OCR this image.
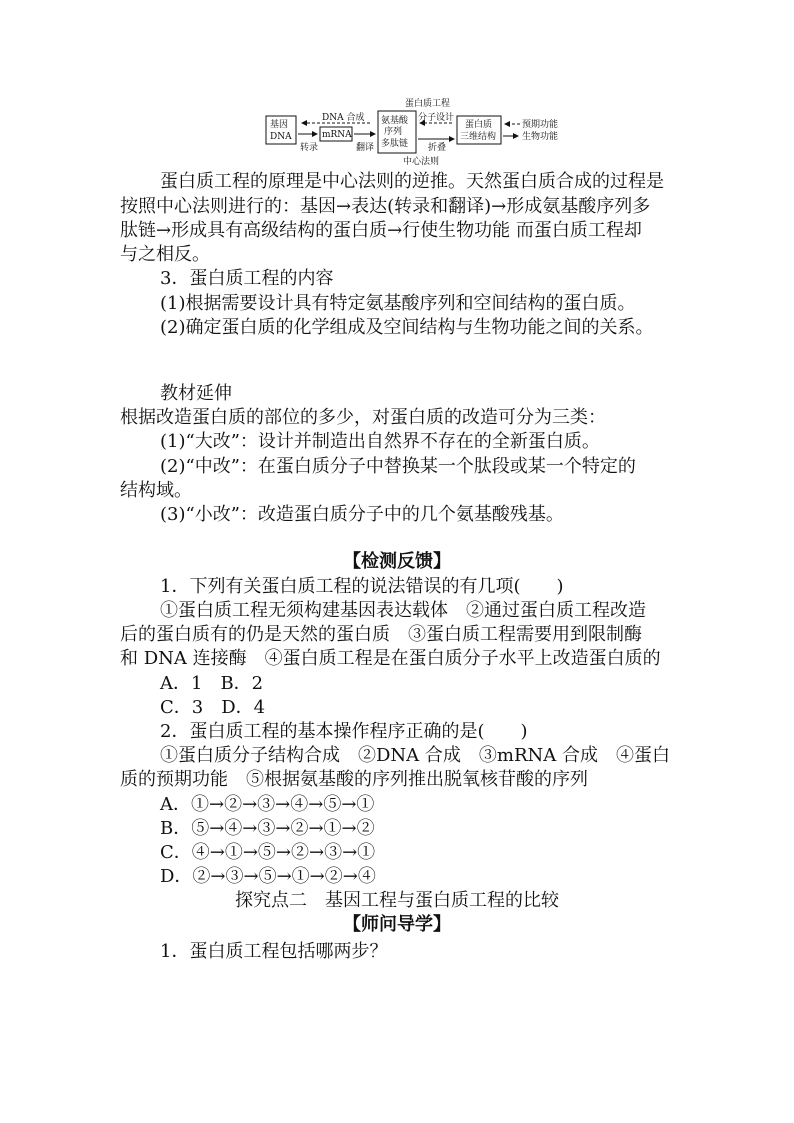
蛋白质工程
基因
DNA	mRNA
氨基酸
序列
多肽链
蛋白质
三维结构
DNA 合成	分子设计
转录	翻译	折叠
预期功能
生物功能
中心法则
蛋白质工程的原理是中心法则的逆推。天然蛋白质合成的过程是
按照中心法则进行的：基因→表达(转录和翻译)→形成氨基酸序列多
肽链→形成具有高级结构的蛋白质→行使生物功能 而蛋白质工程却
与之相反。
3．蛋白质工程的内容
(1)根据需要设计具有特定氨基酸序列和空间结构的蛋白质。
(2)确定蛋白质的化学组成及空间结构与生物功能之间的关系。
教材延伸
根据改造蛋白质的部位的多少，对蛋白质的改造可分为三类：
(1)“大改”：设计并制造出自然界不存在的全新蛋白质。
(2)“中改”：在蛋白质分子中替换某一个肽段或某一个特定的
结构域。
(3)“小改”：改造蛋白质分子中的几个氨基酸残基。
【检测反馈】
1．下列有关蛋白质工程的说法错误的有几项(　　)
①蛋白质工程无须构建基因表达载体　②通过蛋白质工程改造
后的蛋白质有的仍是天然的蛋白质　③蛋白质工程需要用到限制酶
和 DNA 连接酶　④蛋白质工程是在蛋白质分子水平上改造蛋白质的
A．1　B．2
C．3　D．4
2．蛋白质工程的基本操作程序正确的是(　　)
①蛋白质分子结构合成　②DNA 合成　③mRNA 合成　④蛋白
质的预期功能　⑤根据氨基酸的序列推出脱氧核苷酸的序列
A．①→②→③→④→⑤→①
B．⑤→④→③→②→①→②
C．④→①→⑤→②→③→①
D．②→③→⑤→①→②→④
探究点二　基因工程与蛋白质工程的比较
【师问导学】
1．蛋白质工程包括哪两步？
